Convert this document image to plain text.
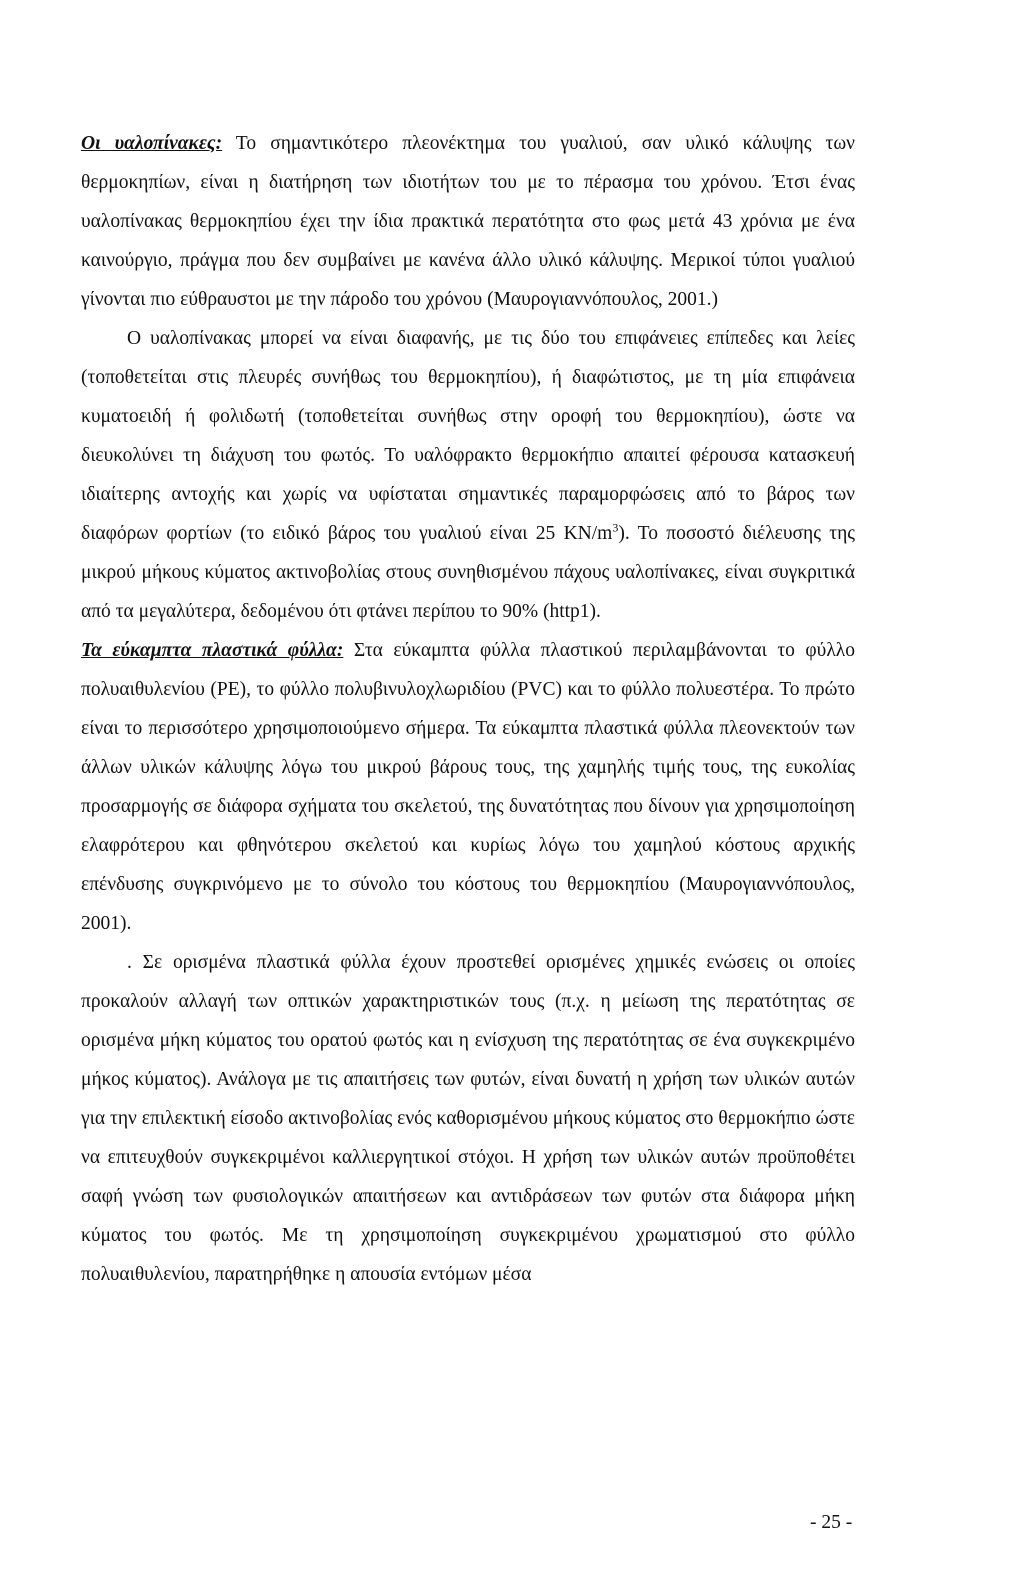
Οι υαλοπίνακες: Το σημαντικότερο πλεονέκτημα του γυαλιού, σαν υλικό κάλυψης των θερμοκηπίων, είναι η διατήρηση των ιδιοτήτων του με το πέρασμα του χρόνου. Έτσι ένας υαλοπίνακας θερμοκηπίου έχει την ίδια πρακτικά περατότητα στο φως μετά 43 χρόνια με ένα καινούργιο, πράγμα που δεν συμβαίνει με κανένα άλλο υλικό κάλυψης. Μερικοί τύποι γυαλιού γίνονται πιο εύθραυστοι με την πάροδο του χρόνου (Μαυρογιαννόπουλος, 2001.)

Ο υαλοπίνακας μπορεί να είναι διαφανής, με τις δύο του επιφάνειες επίπεδες και λείες (τοποθετείται στις πλευρές συνήθως του θερμοκηπίου), ή διαφώτιστος, με τη μία επιφάνεια κυματοειδή ή φολιδωτή (τοποθετείται συνήθως στην οροφή του θερμοκηπίου), ώστε να διευκολύνει τη διάχυση του φωτός. Το υαλόφρακτο θερμοκήπιο απαιτεί φέρουσα κατασκευή ιδιαίτερης αντοχής και χωρίς να υφίσταται σημαντικές παραμορφώσεις από το βάρος των διαφόρων φορτίων (το ειδικό βάρος του γυαλιού είναι 25 $KN/m^3$). Το ποσοστό διέλευσης της μικρού μήκους κύματος ακτινοβολίας στους συνηθισμένου πάχους υαλοπίνακες, είναι συγκριτικά από τα μεγαλύτερα, δεδομένου ότι φτάνει περίπου το 90% (http1).

Τα εύκαμπτα πλαστικά φύλλα: Στα εύκαμπτα φύλλα πλαστικού περιλαμβάνονται το φύλλο πολυαιθυλενίου (PE), το φύλλο πολυβινυλοχλωριδίου (PVC) και το φύλλο πολυεστέρα. Το πρώτο είναι το περισσότερο χρησιμοποιούμενο σήμερα. Τα εύκαμπτα πλαστικά φύλλα πλεονεκτούν των άλλων υλικών κάλυψης λόγω του μικρού βάρους τους, της χαμηλής τιμής τους, της ευκολίας προσαρμογής σε διάφορα σχήματα του σκελετού, της δυνατότητας που δίνουν για χρησιμοποίηση ελαφρότερου και φθηνότερου σκελετού και κυρίως λόγω του χαμηλού κόστους αρχικής επένδυσης συγκρινόμενο με το σύνολο του κόστους του θερμοκηπίου (Μαυρογιαννόπουλος, 2001).

. Σε ορισμένα πλαστικά φύλλα έχουν προστεθεί ορισμένες χημικές ενώσεις οι οποίες προκαλούν αλλαγή των οπτικών χαρακτηριστικών τους (π.χ. η μείωση της περατότητας σε ορισμένα μήκη κύματος του ορατού φωτός και η ενίσχυση της περατότητας σε ένα συγκεκριμένο μήκος κύματος). Ανάλογα με τις απαιτήσεις των φυτών, είναι δυνατή η χρήση των υλικών αυτών για την επιλεκτική είσοδο ακτινοβολίας ενός καθορισμένου μήκους κύματος στο θερμοκήπιο ώστε να επιτευχθούν συγκεκριμένοι καλλιεργητικοί στόχοι. Η χρήση των υλικών αυτών προϋποθέτει σαφή γνώση των φυσιολογικών απαιτήσεων και αντιδράσεων των φυτών στα διάφορα μήκη κύματος του φωτός. Με τη χρησιμοποίηση συγκεκριμένου χρωματισμού στο φύλλο πολυαιθυλενίου, παρατηρήθηκε η απουσία εντόμων μέσα

- 25 -
